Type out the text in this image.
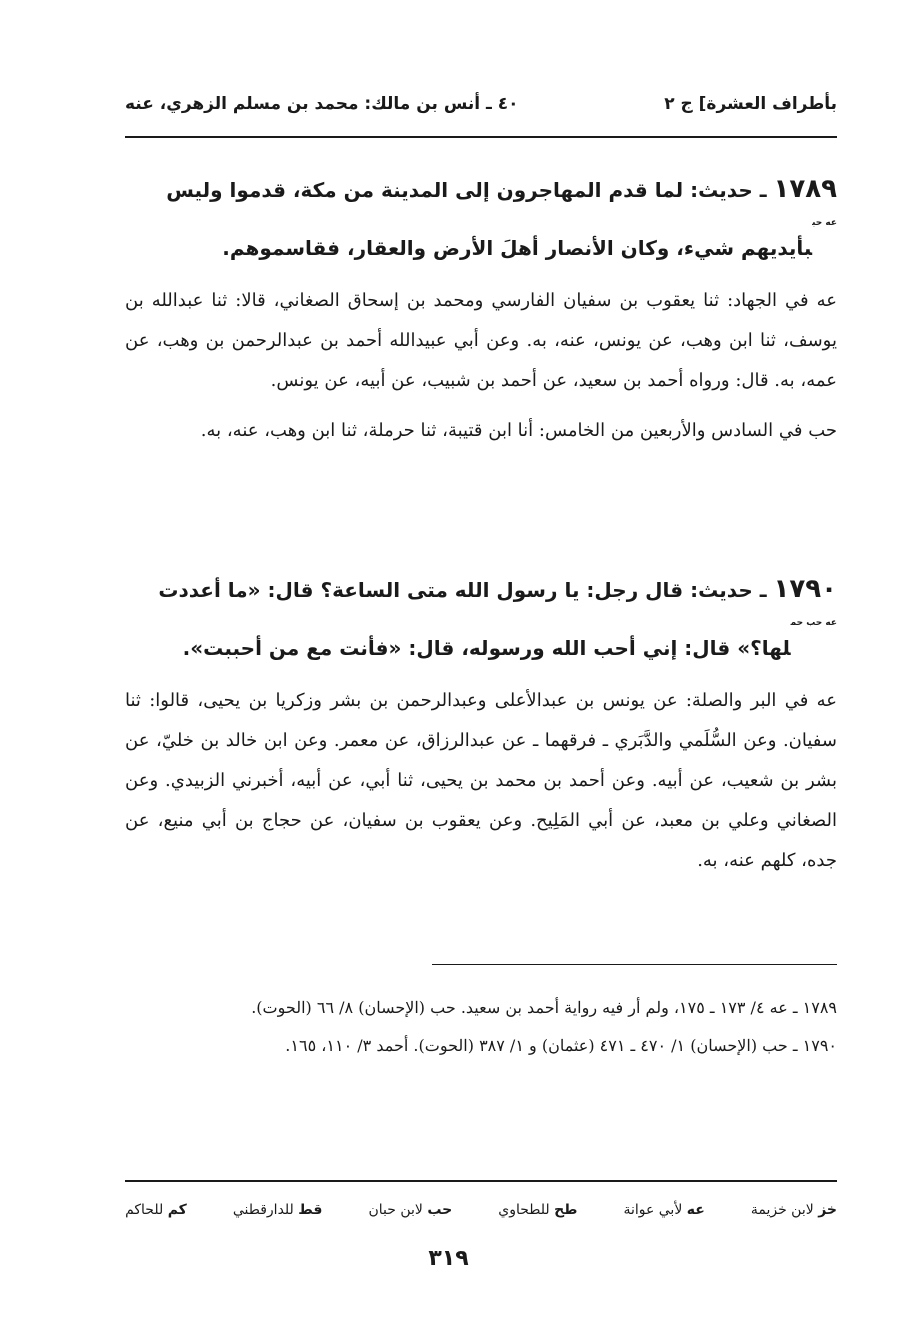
بأطراف العشرة] ج ٢
٤٠ ـ أنس بن مالك: محمد بن مسلم الزهري، عنه
١٧٨٩ ـ حديث: لما قدم المهاجرون إلى المدينة من مكة، قدموا وليس
$^{عه حب}$بأيديهم شيء، وكان الأنصار أهلَ الأرض والعقار، فقاسموهم.
عه في الجهاد: ثنا يعقوب بن سفيان الفارسي ومحمد بن إسحاق الصغاني، قالا: ثنا عبدالله بن يوسف، ثنا ابن وهب، عن يونس، عنه، به. وعن أبي عبيدالله أحمد بن عبدالرحمن بن وهب، عن عمه، به. قال: ورواه أحمد بن سعيد، عن أحمد بن شبيب، عن أبيه، عن يونس.
حب في السادس والأربعين من الخامس: أنا ابن قتيبة، ثنا حرملة، ثنا ابن وهب، عنه، به.
١٧٩٠ ـ حديث: قال رجل: يا رسول الله متى الساعة؟ قال: «ما أعددت
$^{عه حب حم}$لها؟» قال: إني أحب الله ورسوله، قال: «فأنت مع من أحببت».
عه في البر والصلة: عن يونس بن عبدالأعلى وعبدالرحمن بن بشر وزكريا بن يحيى، قالوا: ثنا سفيان. وعن السُّلَمي والدَّبَري ـ فرقهما ـ عن عبدالرزاق، عن معمر. وعن ابن خالد بن خليّ، عن بشر بن شعيب، عن أبيه. وعن أحمد بن محمد بن يحيى، ثنا أبي، عن أبيه، أخبرني الزبيدي. وعن الصغاني وعلي بن معبد، عن أبي المَلِيح. وعن يعقوب بن سفيان، عن حجاج بن أبي منيع، عن جده، كلهم عنه، به.
١٧٨٩ ـ عه ٤/ ١٧٣ ـ ١٧٥، ولم أر فيه رواية أحمد بن سعيد. حب (الإحسان) ٨/ ٦٦ (الحوت).
١٧٩٠ ـ حب (الإحسان) ١/ ٤٧٠ ـ ٤٧١ (عثمان) و ١/ ٣٨٧ (الحوت). أحمد ٣/ ١١٠، ١٦٥.
خز لابن خزيمة
عه لأبي عوانة
طح للطحاوي
حب لابن حبان
قط للدارقطني
كم للحاكم
٣١٩
